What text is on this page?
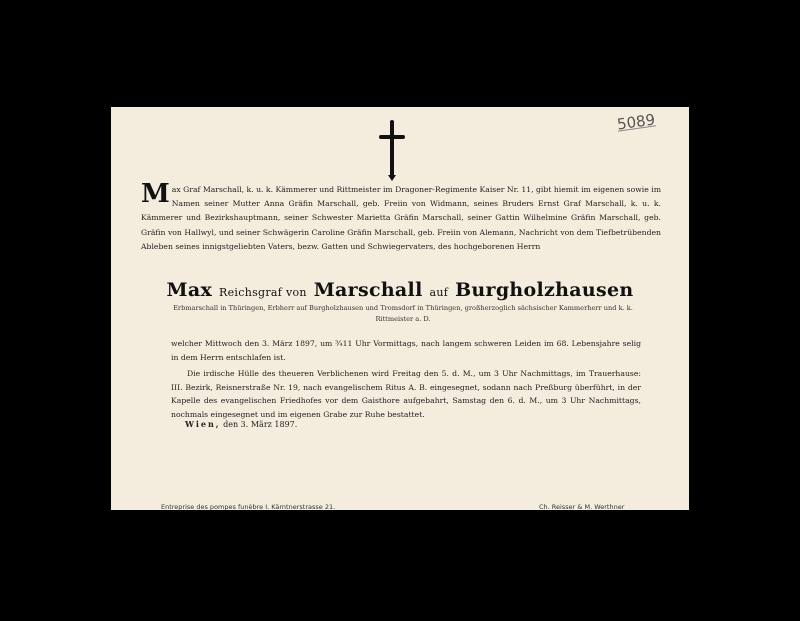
5089
Max Graf Marschall, k. u. k. Kämmerer und Rittmeister im Dragoner-Regimente Kaiser Nr. 11, gibt hiemit im eigenen sowie im Namen seiner Mutter Anna Gräfin Marschall, geb. Freiin von Widmann, seines Bruders Ernst Graf Marschall, k. u. k. Kämmerer und Bezirkshauptmann, seiner Schwester Marietta Gräfin Marschall, seiner Gattin Wilhelmine Gräfin Marschall, geb. Gräfin von Hallwyl, und seiner Schwägerin Caroline Gräfin Marschall, geb. Freiin von Alemann, Nachricht von dem Tiefbetrübenden Ableben seines innigstgeliebten Vaters, bezw. Gatten und Schwiegervaters, des hochgeborenen Herrn
Max Reichsgraf von Marschall auf Burgholzhausen
Erbmarschall in Thüringen, Erbherr auf Burgholzhausen und Tromsdorf in Thüringen, großherzoglich sächsischer Kammerherr und k. k. Rittmeister a. D.
welcher Mittwoch den 3. März 1897, um ¾11 Uhr Vormittags, nach langem schweren Leiden im 68. Lebensjahre selig in dem Herrn entschlafen ist.
Die irdische Hülle des theueren Verblichenen wird Freitag den 5. d. M., um 3 Uhr Nachmittags, im Trauerhause: III. Bezirk, Reisnerstraße Nr. 19, nach evangelischem Ritus A. B. eingesegnet, sodann nach Preßburg überführt, in der Kapelle des evangelischen Friedhofes vor dem Gaisthore aufgebahrt, Samstag den 6. d. M., um 3 Uhr Nachmittags, nochmals eingesegnet und im eigenen Grabe zur Ruhe bestattet.
Wien, den 3. März 1897.
Entreprise des pompes funèbre I. Kärntnerstrasse 21.	Ch. Reisser & M. Werthner
